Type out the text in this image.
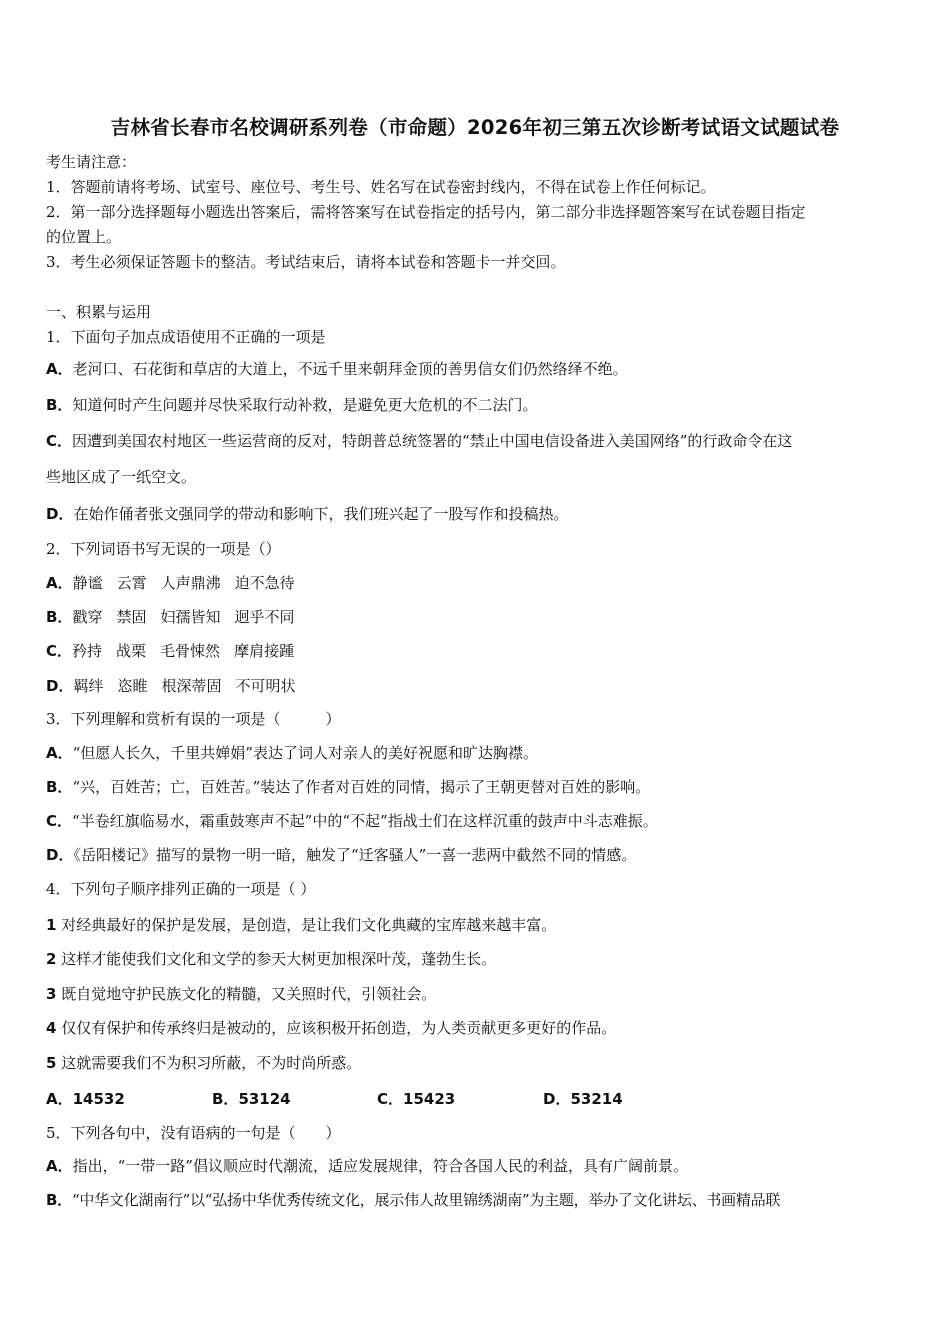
吉林省长春市名校调研系列卷（市命题）2026年初三第五次诊断考试语文试题试卷
考生请注意：
1．答题前请将考场、试室号、座位号、考生号、姓名写在试卷密封线内，不得在试卷上作任何标记。
2．第一部分选择题每小题选出答案后，需将答案写在试卷指定的括号内，第二部分非选择题答案写在试卷题目指定
的位置上。
3．考生必须保证答题卡的整洁。考试结束后，请将本试卷和答题卡一并交回。
一、积累与运用
1．下面句子加点成语使用不正确的一项是
A．老河口、石花街和草店的大道上，不远千里来朝拜金顶的善男信女们仍然络绎不绝。
B．知道何时产生问题并尽快采取行动补救，是避免更大危机的不二法门。
C．因遭到美国农村地区一些运营商的反对，特朗普总统签署的“禁止中国电信设备进入美国网络”的行政命令在这
些地区成了一纸空文。
D．在始作俑者张文强同学的带动和影响下，我们班兴起了一股写作和投稿热。
2．下列词语书写无误的一项是（）
A．静谧 云霄 人声鼎沸 迫不急待
B．戳穿 禁固 妇孺皆知 迥乎不同
C．矜持 战栗 毛骨悚然 摩肩接踵
D．羁绊 恣睢 根深蒂固 不可明状
3．下列理解和赏析有误的一项是（　　　）
A．“但愿人长久，千里共婵娟”表达了词人对亲人的美好祝愿和旷达胸襟。
B．“兴，百姓苦；亡，百姓苦。”装达了作者对百姓的同情，揭示了王朝更替对百姓的影响。
C．“半卷红旗临易水，霜重鼓寒声不起”中的“不起”指战士们在这样沉重的鼓声中斗志难振。
D．《岳阳楼记》描写的景物一明一暗，触发了“迁客骚人”一喜一悲两中截然不同的情感。
4．下列句子顺序排列正确的一项是（ ）
1 对经典最好的保护是发展，是创造，是让我们文化典藏的宝库越来越丰富。
2 这样才能使我们文化和文学的参天大树更加根深叶茂，蓬勃生长。
3 既自觉地守护民族文化的精髓，又关照时代，引领社会。
4 仅仅有保护和传承终归是被动的，应该积极开拓创造，为人类贡献更多更好的作品。
5 这就需要我们不为积习所蔽，不为时尚所惑。
A．14532	B．53124	C．15423	D．53214
5．下列各句中，没有语病的一句是（　　）
A．指出，“一带一路”倡议顺应时代潮流，适应发展规律，符合各国人民的利益，具有广阔前景。
B．“中华文化湖南行”以“弘扬中华优秀传统文化，展示伟人故里锦绣湖南”为主题，举办了文化讲坛、书画精品联
